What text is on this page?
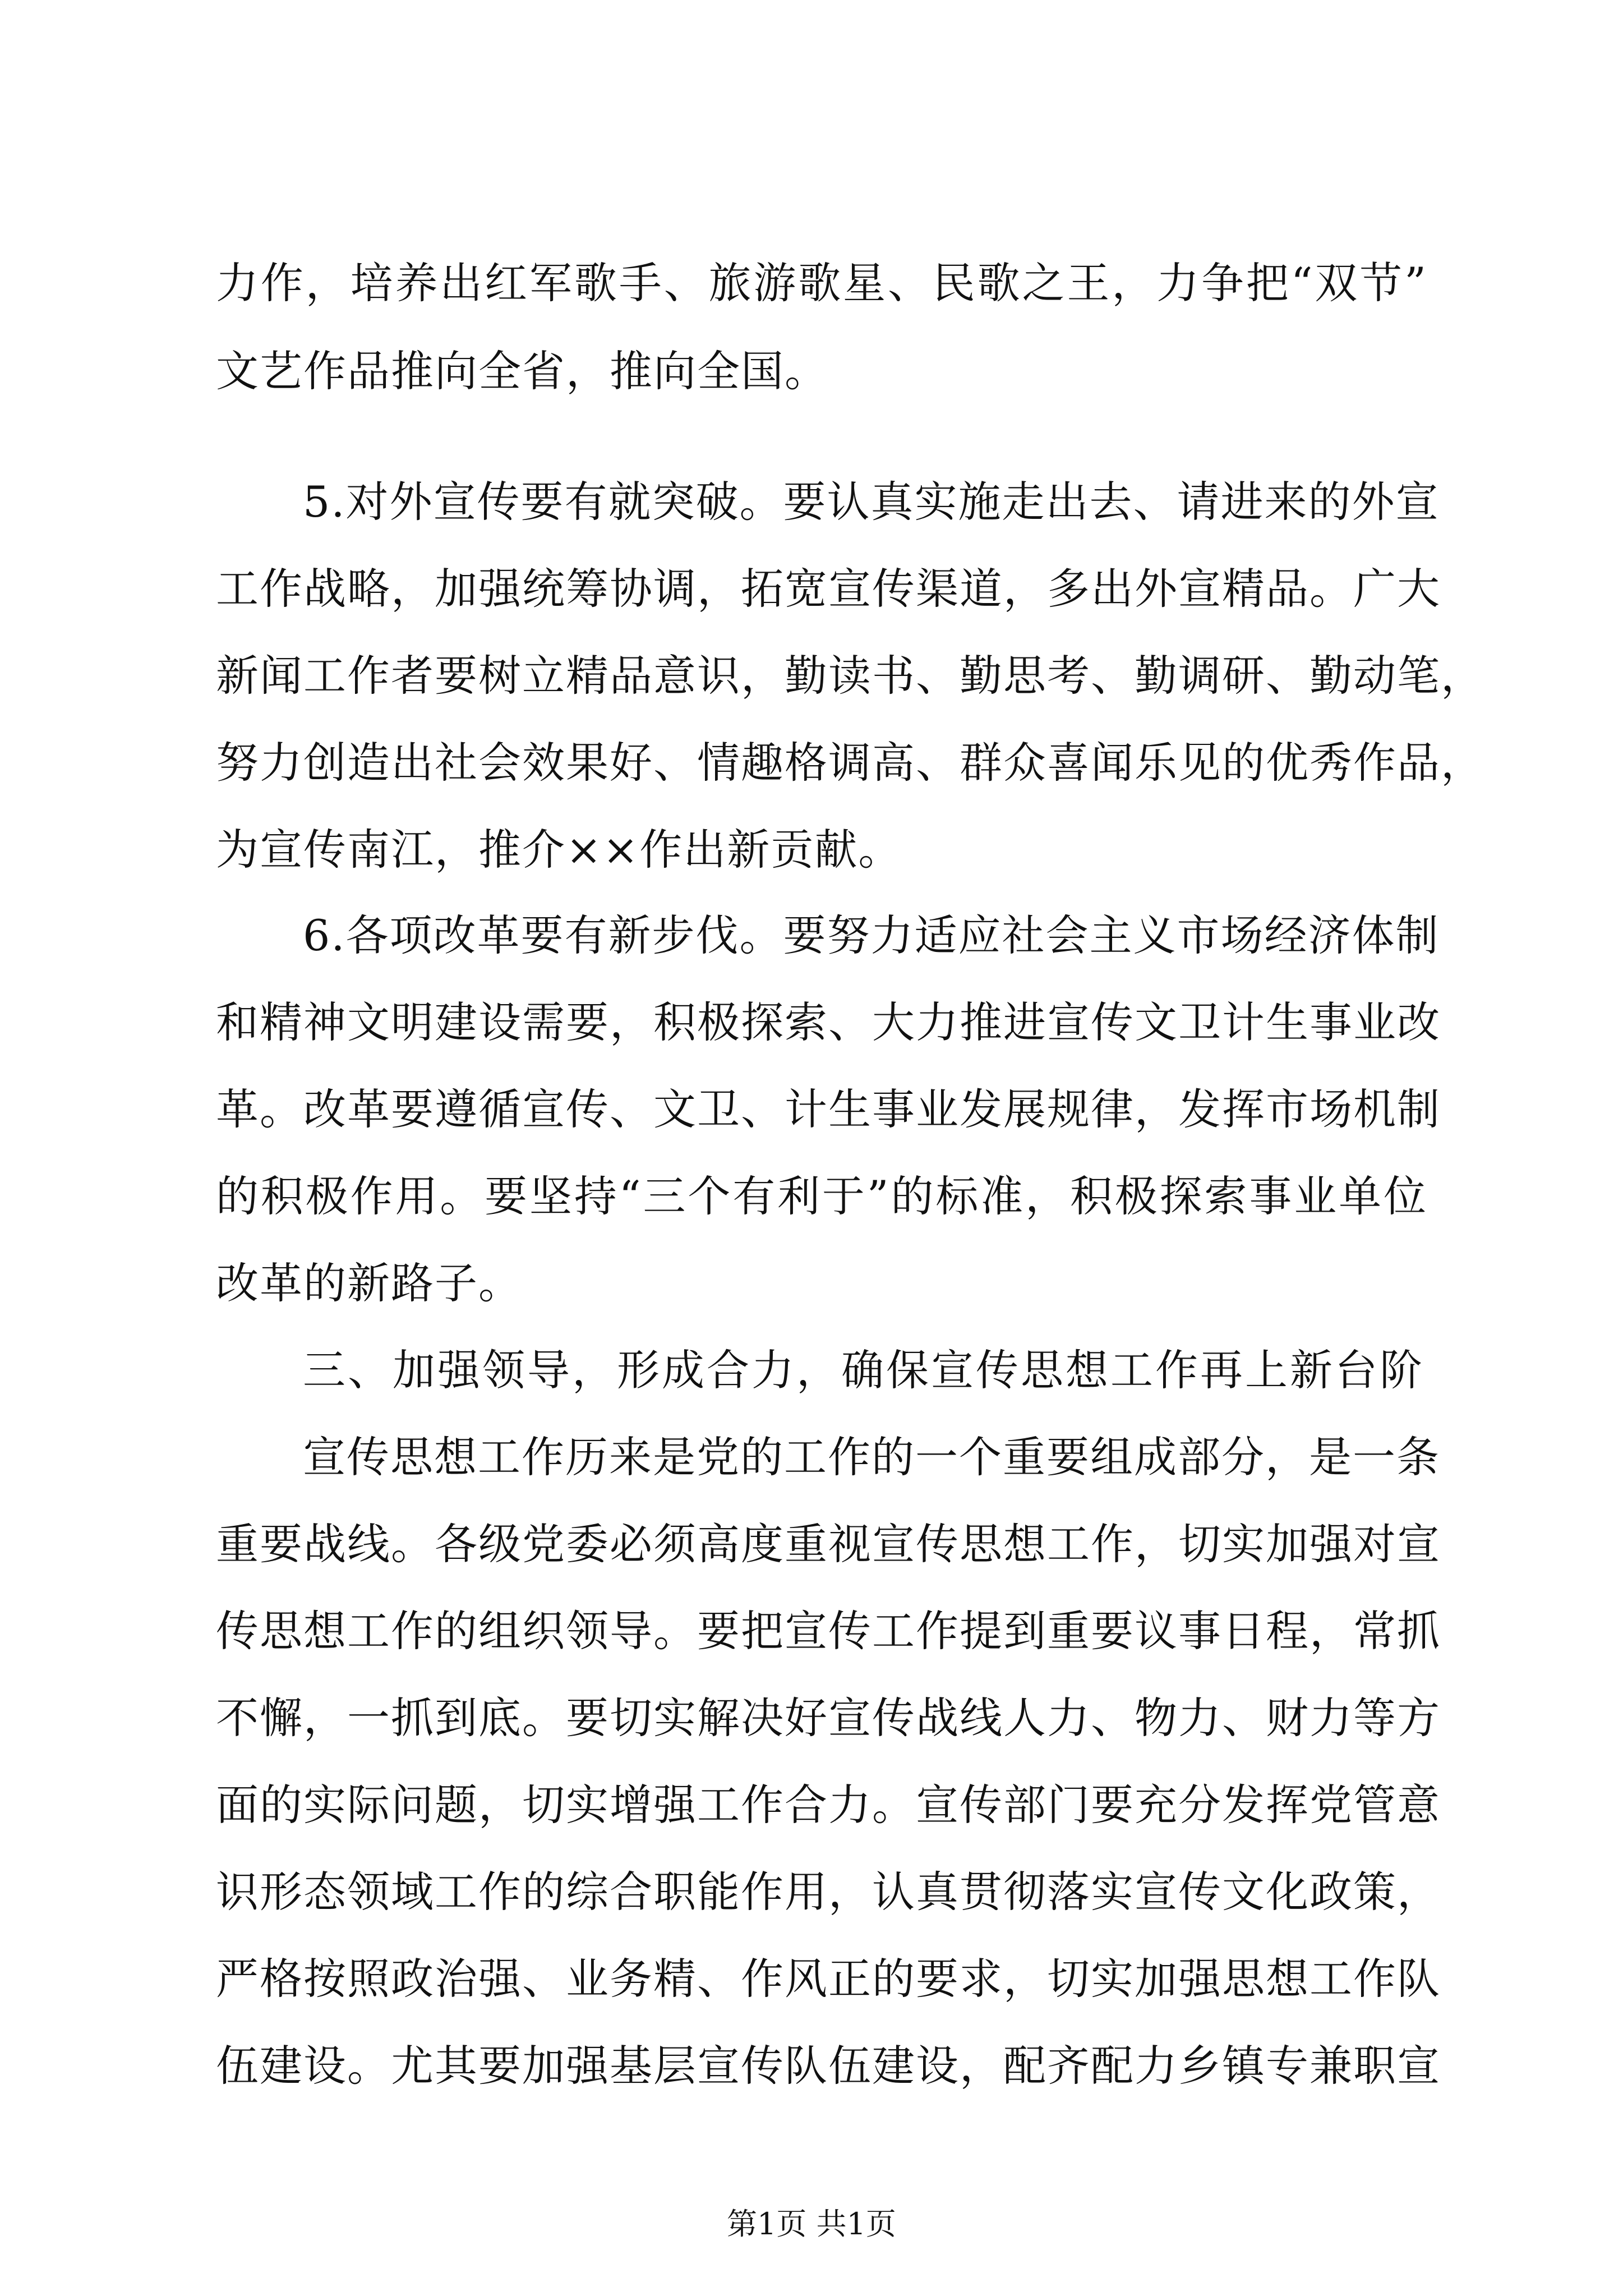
力作，培养出红军歌手、旅游歌星、民歌之王，力争把“双节”
文艺作品推向全省，推向全国。
5.对外宣传要有就突破。要认真实施走出去、请进来的外宣
工作战略，加强统筹协调，拓宽宣传渠道，多出外宣精品。广大
新闻工作者要树立精品意识，勤读书、勤思考、勤调研、勤动笔，
努力创造出社会效果好、情趣格调高、群众喜闻乐见的优秀作品，
为宣传南江，推介××作出新贡献。
6.各项改革要有新步伐。要努力适应社会主义市场经济体制
和精神文明建设需要，积极探索、大力推进宣传文卫计生事业改
革。改革要遵循宣传、文卫、计生事业发展规律，发挥市场机制
的积极作用。要坚持“三个有利于”的标准，积极探索事业单位
改革的新路子。
三、加强领导，形成合力，确保宣传思想工作再上新台阶
宣传思想工作历来是党的工作的一个重要组成部分，是一条
重要战线。各级党委必须高度重视宣传思想工作，切实加强对宣
传思想工作的组织领导。要把宣传工作提到重要议事日程，常抓
不懈，一抓到底。要切实解决好宣传战线人力、物力、财力等方
面的实际问题，切实增强工作合力。宣传部门要充分发挥党管意
识形态领域工作的综合职能作用，认真贯彻落实宣传文化政策，
严格按照政治强、业务精、作风正的要求，切实加强思想工作队
伍建设。尤其要加强基层宣传队伍建设，配齐配力乡镇专兼职宣
第1页 共1页
